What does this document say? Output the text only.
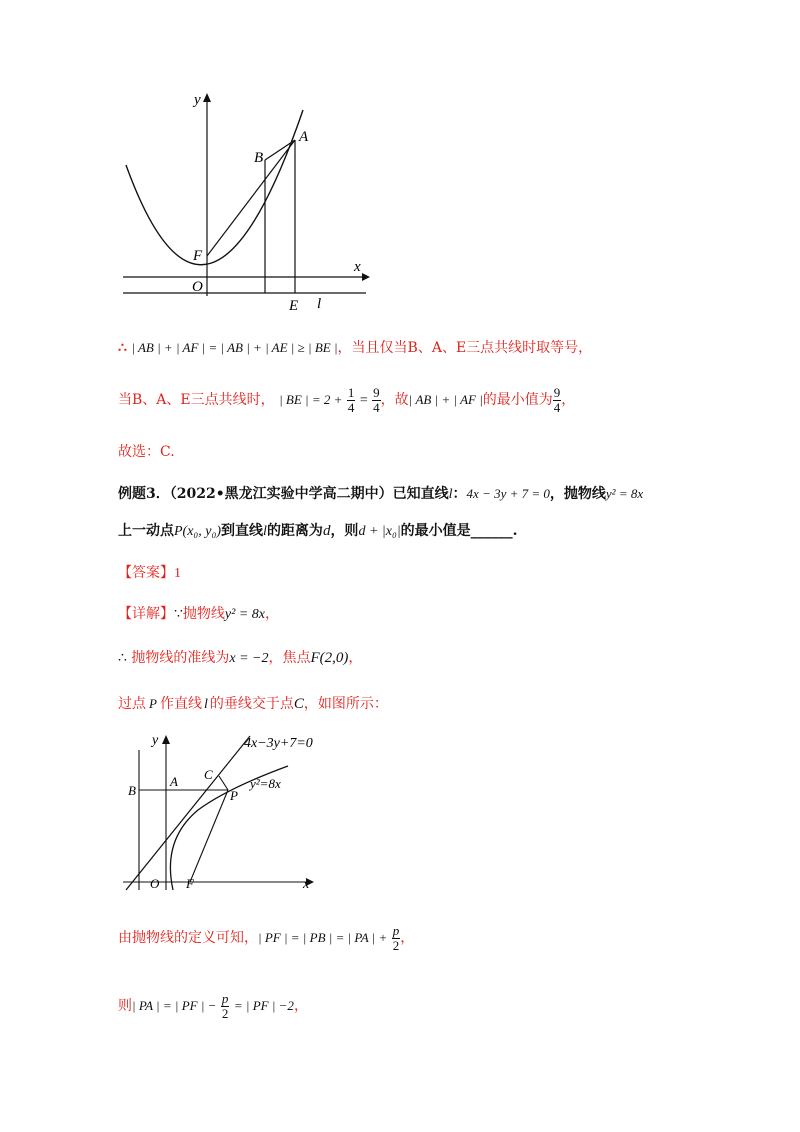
y
x
A
B
F
O
E l
∴ | AB | + | AF | = | AB | + | AE | ≥ | BE |，当且仅当B、A、E三点共线时取等号，
当B、A、E三点共线时， | BE | = $2 + \frac{1}{4} = \frac{9}{4}$ ，故| AB | + | AF |的最小值为 $\frac{9}{4}$ ，
故选：C.
例题3．（2022•黑龙江实验中学高二期中）已知直线l：4x − 3y + 7 = 0，抛物线y² = 8x
上一动点P(x₀, y₀)到直线l的距离为d，则d + |x₀|的最小值是______.
【答案】1
【详解】∵抛物线y² = 8x，
∴ 抛物线的准线为x = −2，焦点F(2,0)，
过点 P 作直线 l 的垂线交于点C，如图所示：
y
x
B
A C
P
O F
4x−3y+7=0
y²=8x
由抛物线的定义可知，| PF | = | PB | = | PA | + $\frac{p}{2}$ ，
则| PA | = | PF | − $\frac{p}{2}$ = | PF | −2，
